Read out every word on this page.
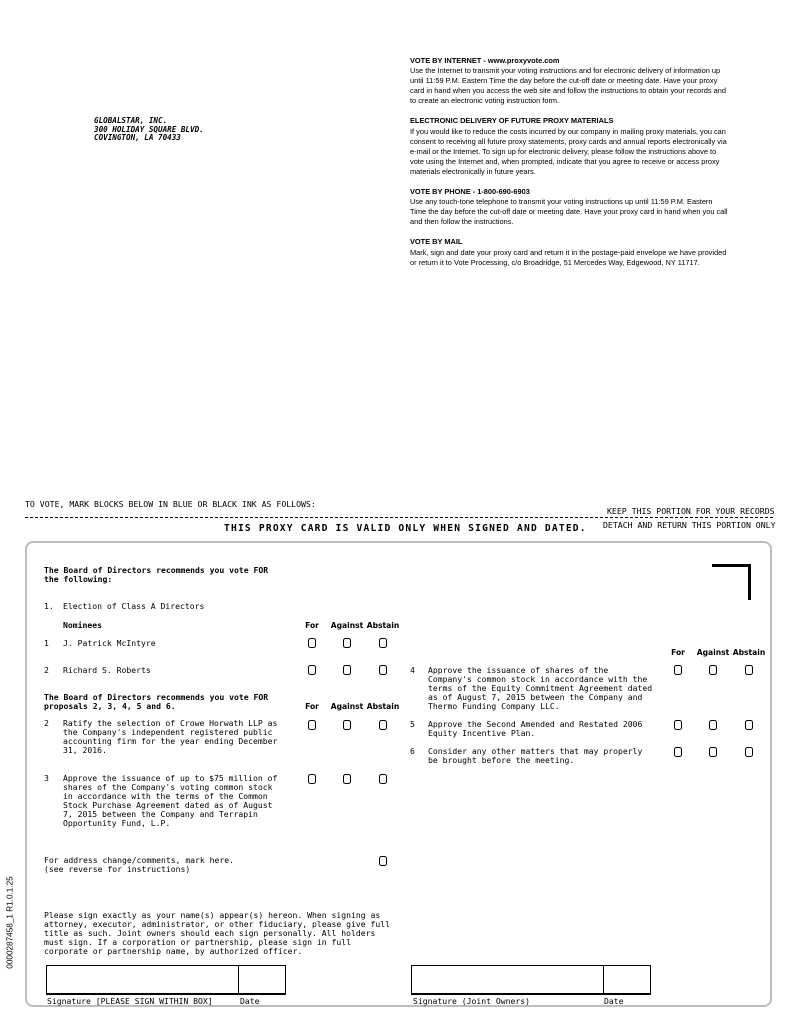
GLOBALSTAR, INC.
300 HOLIDAY SQUARE BLVD.
COVINGTON, LA 70433
VOTE BY INTERNET - www.proxyvote.com
Use the Internet to transmit your voting instructions and for electronic delivery of information up until 11:59 P.M. Eastern Time the day before the cut-off date or meeting date. Have your proxy card in hand when you access the web site and follow the instructions to obtain your records and to create an electronic voting instruction form.
ELECTRONIC DELIVERY OF FUTURE PROXY MATERIALS
If you would like to reduce the costs incurred by our company in mailing proxy materials, you can consent to receiving all future proxy statements, proxy cards and annual reports electronically via e-mail or the Internet. To sign up for electronic delivery, please follow the instructions above to vote using the Internet and, when prompted, indicate that you agree to receive or access proxy materials electronically in future years.
VOTE BY PHONE - 1-800-690-6903
Use any touch-tone telephone to transmit your voting instructions up until 11:59 P.M. Eastern Time the day before the cut-off date or meeting date. Have your proxy card in hand when you call and then follow the instructions.
VOTE BY MAIL
Mark, sign and date your proxy card and return it in the postage-paid envelope we have provided or return it to Vote Processing, c/o Broadridge, 51 Mercedes Way, Edgewood, NY 11717.
TO VOTE, MARK BLOCKS BELOW IN BLUE OR BLACK INK AS FOLLOWS:
KEEP THIS PORTION FOR YOUR RECORDS
DETACH AND RETURN THIS PORTION ONLY
THIS PROXY CARD IS VALID ONLY WHEN SIGNED AND DATED.
The Board of Directors recommends you vote FOR the following:
1. Election of Class A Directors
Nominees	For	Against Abstain
1 J. Patrick McIntyre
2 Richard S. Roberts
The Board of Directors recommends you vote FOR proposals 2, 3, 4, 5 and 6.	For	Against Abstain
2 Ratify the selection of Crowe Horwath LLP as the Company's independent registered public accounting firm for the year ending December 31, 2016.
3 Approve the issuance of up to $75 million of shares of the Company's voting common stock in accordance with the terms of the Common Stock Purchase Agreement dated as of August 7, 2015 between the Company and Terrapin Opportunity Fund, L.P.
For	Against Abstain
4 Approve the issuance of shares of the Company's common stock in accordance with the terms of the Equity Commitment Agreement dated as of August 7, 2015 between the Company and Thermo Funding Company LLC.
5 Approve the Second Amended and Restated 2006 Equity Incentive Plan.
6 Consider any other matters that may properly be brought before the meeting.
For address change/comments, mark here.
(see reverse for instructions)
Please sign exactly as your name(s) appear(s) hereon. When signing as attorney, executor, administrator, or other fiduciary, please give full title as such. Joint owners should each sign personally. All holders must sign. If a corporation or partnership, please sign in full corporate or partnership name, by authorized officer.
Signature [PLEASE SIGN WITHIN BOX]	Date	Signature (Joint Owners)	Date
0000287458_1 R1.0.1.25
